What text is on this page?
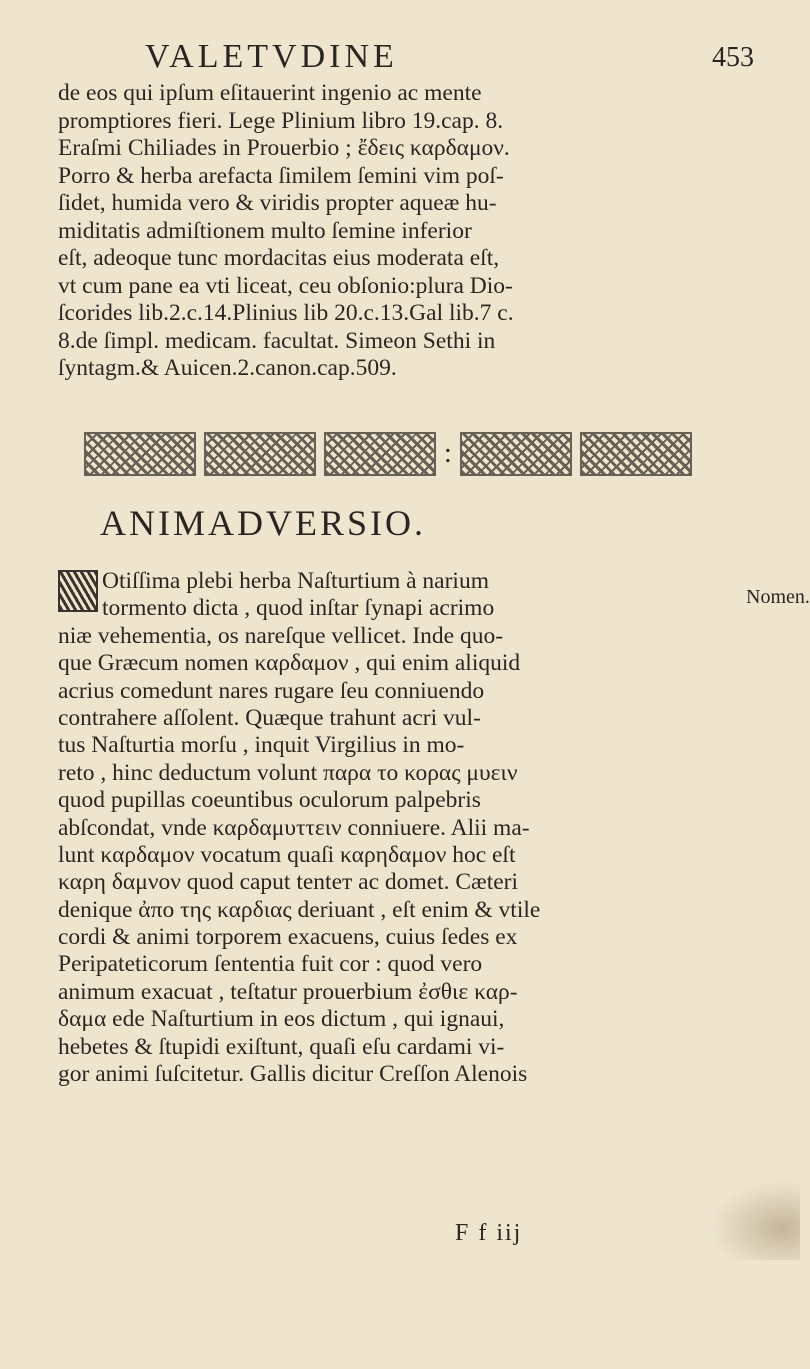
VALETVDINE	453
de eos qui ipſum eſitauerint ingenio ac mente
promptiores fieri. Lege Plinium libro 19.cap. 8.
Eraſmi Chiliades in Prouerbio ; ἔδεις καρδαμον.
Porro & herba arefacta ſimilem ſemini vim poſ-
ſidet, humida vero & viridis propter aqueæ hu-
miditatis admiſtionem multo ſemine inferior
eſt, adeoque tunc mordacitas eius moderata eſt,
vt cum pane ea vti liceat, ceu obſonio:plura Dio-
ſcorides lib.2.c.14.Plinius lib 20.c.13.Gal lib.7 c.
8.de ſimpl. medicam. facultat. Simeon Sethi in
ſyntagm.& Auicen.2.canon.cap.509.
:
ANIMADVERSIO.
Otiſſima plebi herba Naſturtium à narium
tormento dicta , quod inſtar ſynapi acrimo
niæ vehementia, os nareſque vellicet. Inde quo-
que Græcum nomen καρδαμον , qui enim aliquid
acrius comedunt nares rugare ſeu conniuendo
contrahere aſſolent. Quæque trahunt acri vul-
tus Naſturtia morſu , inquit Virgilius in mo-
reto , hinc deductum volunt παρα το κορας μυειν
quod pupillas coeuntibus oculorum palpebris
abſcondat, vnde καρδαμυττειν conniuere. Alii ma-
lunt καρδαμον vocatum quaſi καρηδαμον hoc eſt
καρη δαμνον quod caput tenteт ac domet. Cæteri
denique ἀπο της καρδιας deriuant , eſt enim & vtile
cordi & animi torporem exacuens, cuius ſedes ex
Peripateticorum ſententia fuit cor : quod vero
animum exacuat , teſtatur prouerbium ἐσθιε καρ-
δαμα ede Naſturtium in eos dictum , qui ignaui,
hebetes & ſtupidi exiſtunt, quaſi eſu cardami vi-
gor animi ſuſcitetur. Gallis dicitur Creſſon Alenois
Nomen.
F f iij
